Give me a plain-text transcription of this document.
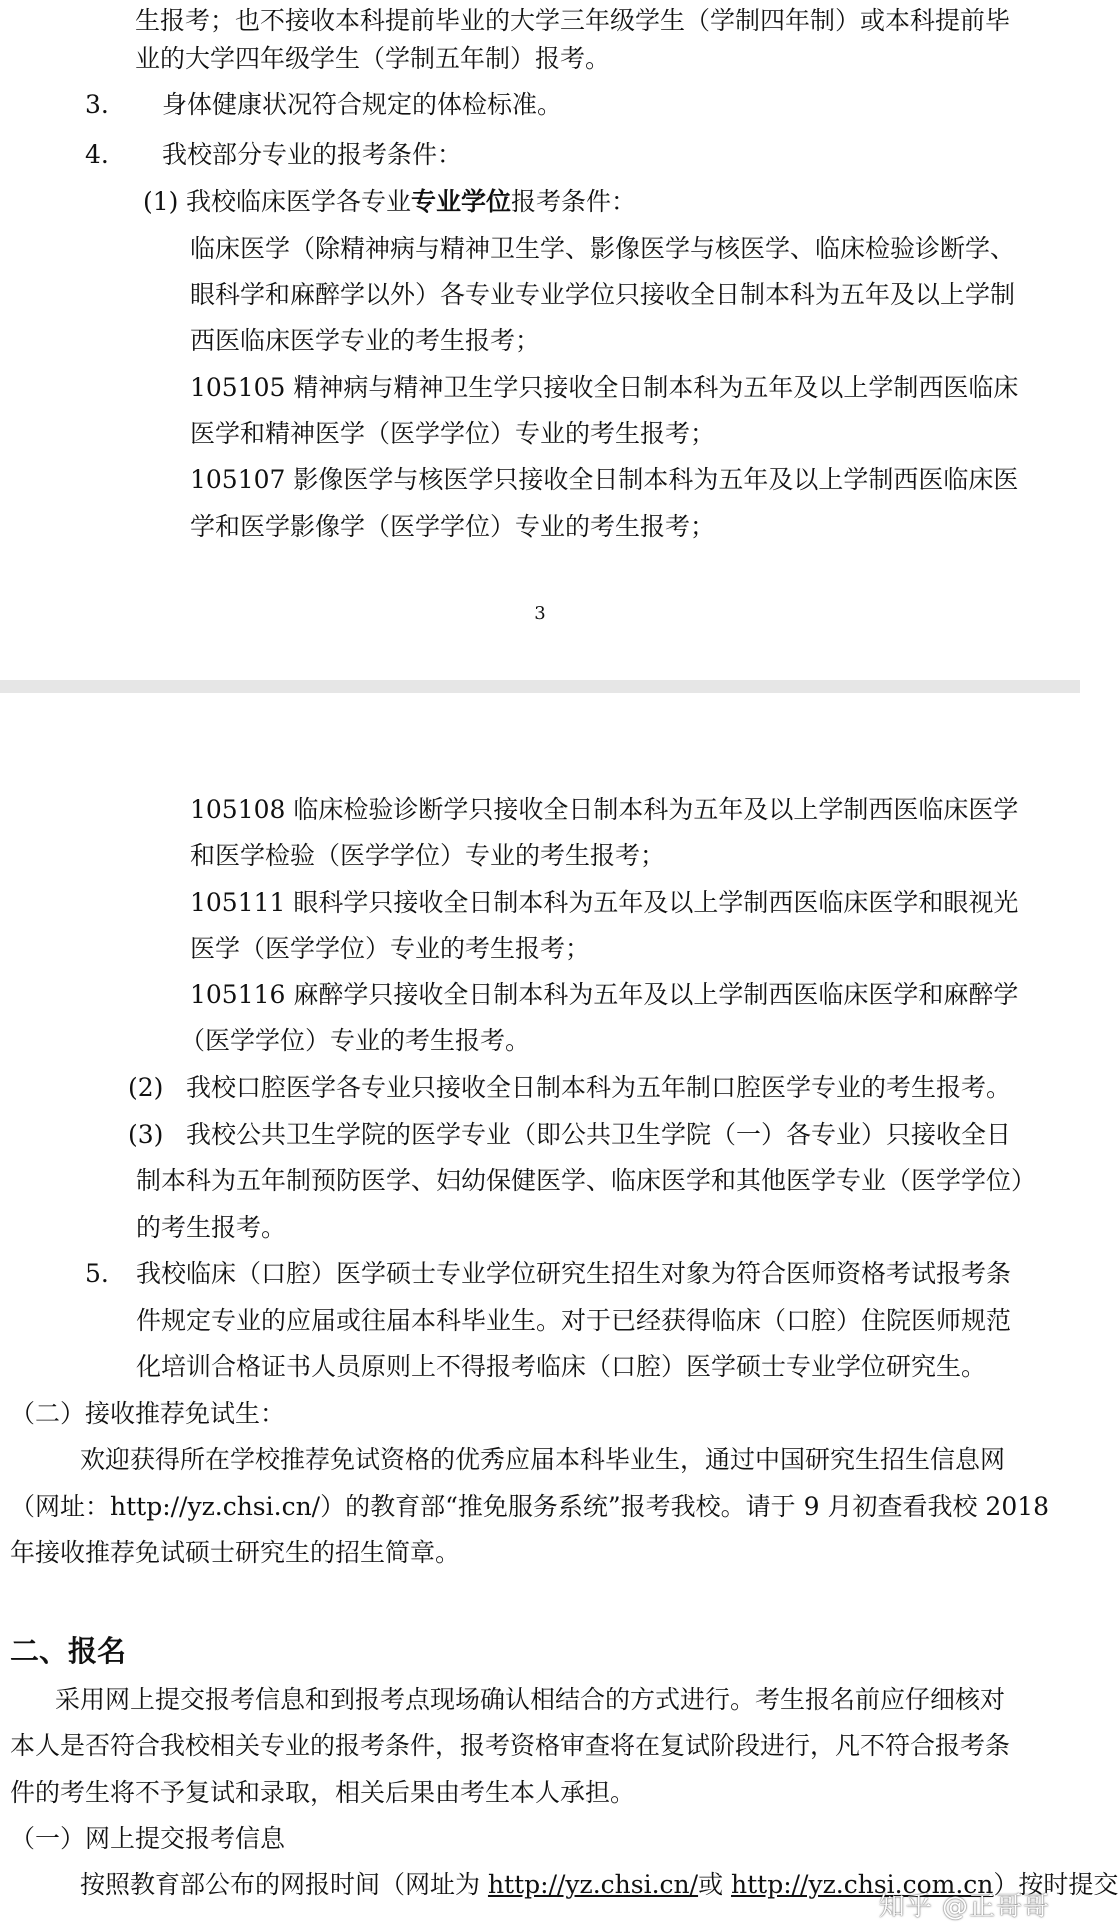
生报考；也不接收本科提前毕业的大学三年级学生（学制四年制）或本科提前毕
业的大学四年级学生（学制五年制）报考。
3. 身体健康状况符合规定的体检标准。
4. 我校部分专业的报考条件：
(1) 我校临床医学各专业专业学位报考条件：
临床医学（除精神病与精神卫生学、影像医学与核医学、临床检验诊断学、
眼科学和麻醉学以外）各专业专业学位只接收全日制本科为五年及以上学制
西医临床医学专业的考生报考；
105105 精神病与精神卫生学只接收全日制本科为五年及以上学制西医临床
医学和精神医学（医学学位）专业的考生报考；
105107 影像医学与核医学只接收全日制本科为五年及以上学制西医临床医
学和医学影像学（医学学位）专业的考生报考；
3
105108 临床检验诊断学只接收全日制本科为五年及以上学制西医临床医学
和医学检验（医学学位）专业的考生报考；
105111 眼科学只接收全日制本科为五年及以上学制西医临床医学和眼视光
医学（医学学位）专业的考生报考；
105116 麻醉学只接收全日制本科为五年及以上学制西医临床医学和麻醉学
（医学学位）专业的考生报考。
(2) 我校口腔医学各专业只接收全日制本科为五年制口腔医学专业的考生报考。
(3) 我校公共卫生学院的医学专业（即公共卫生学院（一）各专业）只接收全日
制本科为五年制预防医学、妇幼保健医学、临床医学和其他医学专业（医学学位）
的考生报考。
5. 我校临床（口腔）医学硕士专业学位研究生招生对象为符合医师资格考试报考条
件规定专业的应届或往届本科毕业生。对于已经获得临床（口腔）住院医师规范
化培训合格证书人员原则上不得报考临床（口腔）医学硕士专业学位研究生。
（二）接收推荐免试生：
欢迎获得所在学校推荐免试资格的优秀应届本科毕业生，通过中国研究生招生信息网
（网址：http://yz.chsi.cn/）的教育部“推免服务系统”报考我校。请于 9 月初查看我校 2018
年接收推荐免试硕士研究生的招生简章。
二、报名
采用网上提交报考信息和到报考点现场确认相结合的方式进行。考生报名前应仔细核对
本人是否符合我校相关专业的报考条件，报考资格审查将在复试阶段进行，凡不符合报考条
件的考生将不予复试和录取，相关后果由考生本人承担。
（一）网上提交报考信息
按照教育部公布的网报时间（网址为 http://yz.chsi.cn/或 http://yz.chsi.com.cn）按时提交
知乎 @正哥哥
